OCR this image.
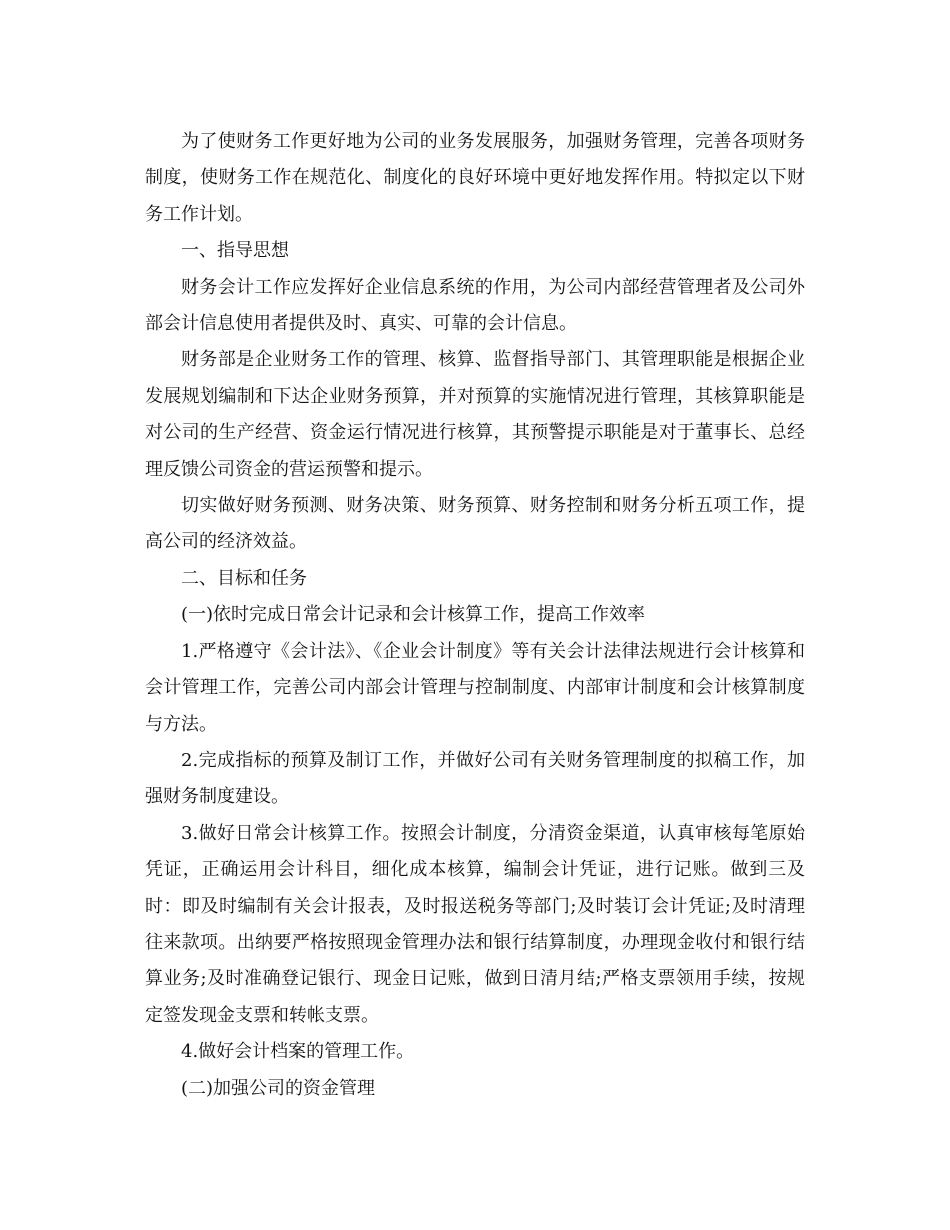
为了使财务工作更好地为公司的业务发展服务，加强财务管理，完善各项财务制度，使财务工作在规范化、制度化的良好环境中更好地发挥作用。特拟定以下财务工作计划。

一、指导思想

财务会计工作应发挥好企业信息系统的作用，为公司内部经营管理者及公司外部会计信息使用者提供及时、真实、可靠的会计信息。

财务部是企业财务工作的管理、核算、监督指导部门、其管理职能是根据企业发展规划编制和下达企业财务预算，并对预算的实施情况进行管理，其核算职能是对公司的生产经营、资金运行情况进行核算，其预警提示职能是对于董事长、总经理反馈公司资金的营运预警和提示。

切实做好财务预测、财务决策、财务预算、财务控制和财务分析五项工作，提高公司的经济效益。

二、目标和任务

(一)依时完成日常会计记录和会计核算工作，提高工作效率

1.严格遵守《会计法》、《企业会计制度》等有关会计法律法规进行会计核算和会计管理工作，完善公司内部会计管理与控制制度、内部审计制度和会计核算制度与方法。

2.完成指标的预算及制订工作，并做好公司有关财务管理制度的拟稿工作，加强财务制度建设。

3.做好日常会计核算工作。按照会计制度，分清资金渠道，认真审核每笔原始凭证，正确运用会计科目，细化成本核算，编制会计凭证，进行记账。做到三及时：即及时编制有关会计报表，及时报送税务等部门;及时装订会计凭证;及时清理往来款项。出纳要严格按照现金管理办法和银行结算制度，办理现金收付和银行结算业务;及时准确登记银行、现金日记账，做到日清月结;严格支票领用手续，按规定签发现金支票和转帐支票。

4.做好会计档案的管理工作。

(二)加强公司的资金管理
